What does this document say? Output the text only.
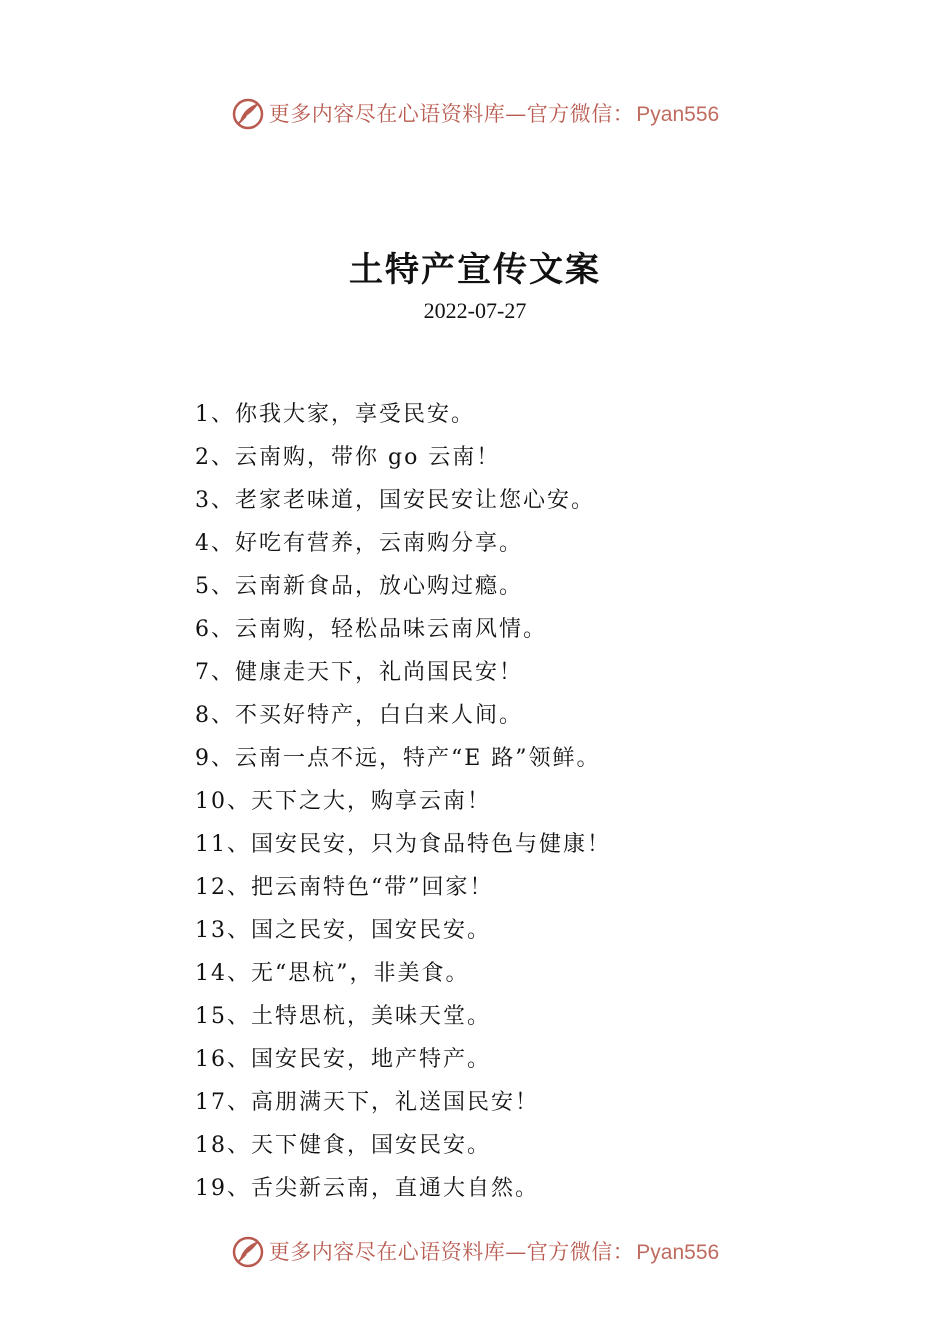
更多内容尽在心语资料库—官方微信： Pyan556
土特产宣传文案
2022-07-27
1、你我大家，享受民安。
2、云南购，带你 go 云南！
3、老家老味道，国安民安让您心安。
4、好吃有营养，云南购分享。
5、云南新食品，放心购过瘾。
6、云南购，轻松品味云南风情。
7、健康走天下，礼尚国民安！
8、不买好特产，白白来人间。
9、云南一点不远，特产“E 路”领鲜。
10、天下之大，购享云南！
11、国安民安，只为食品特色与健康！
12、把云南特色“带”回家！
13、国之民安，国安民安。
14、无“思杭”，非美食。
15、土特思杭，美味天堂。
16、国安民安，地产特产。
17、高朋满天下，礼送国民安！
18、天下健食，国安民安。
19、舌尖新云南，直通大自然。
更多内容尽在心语资料库—官方微信： Pyan556
